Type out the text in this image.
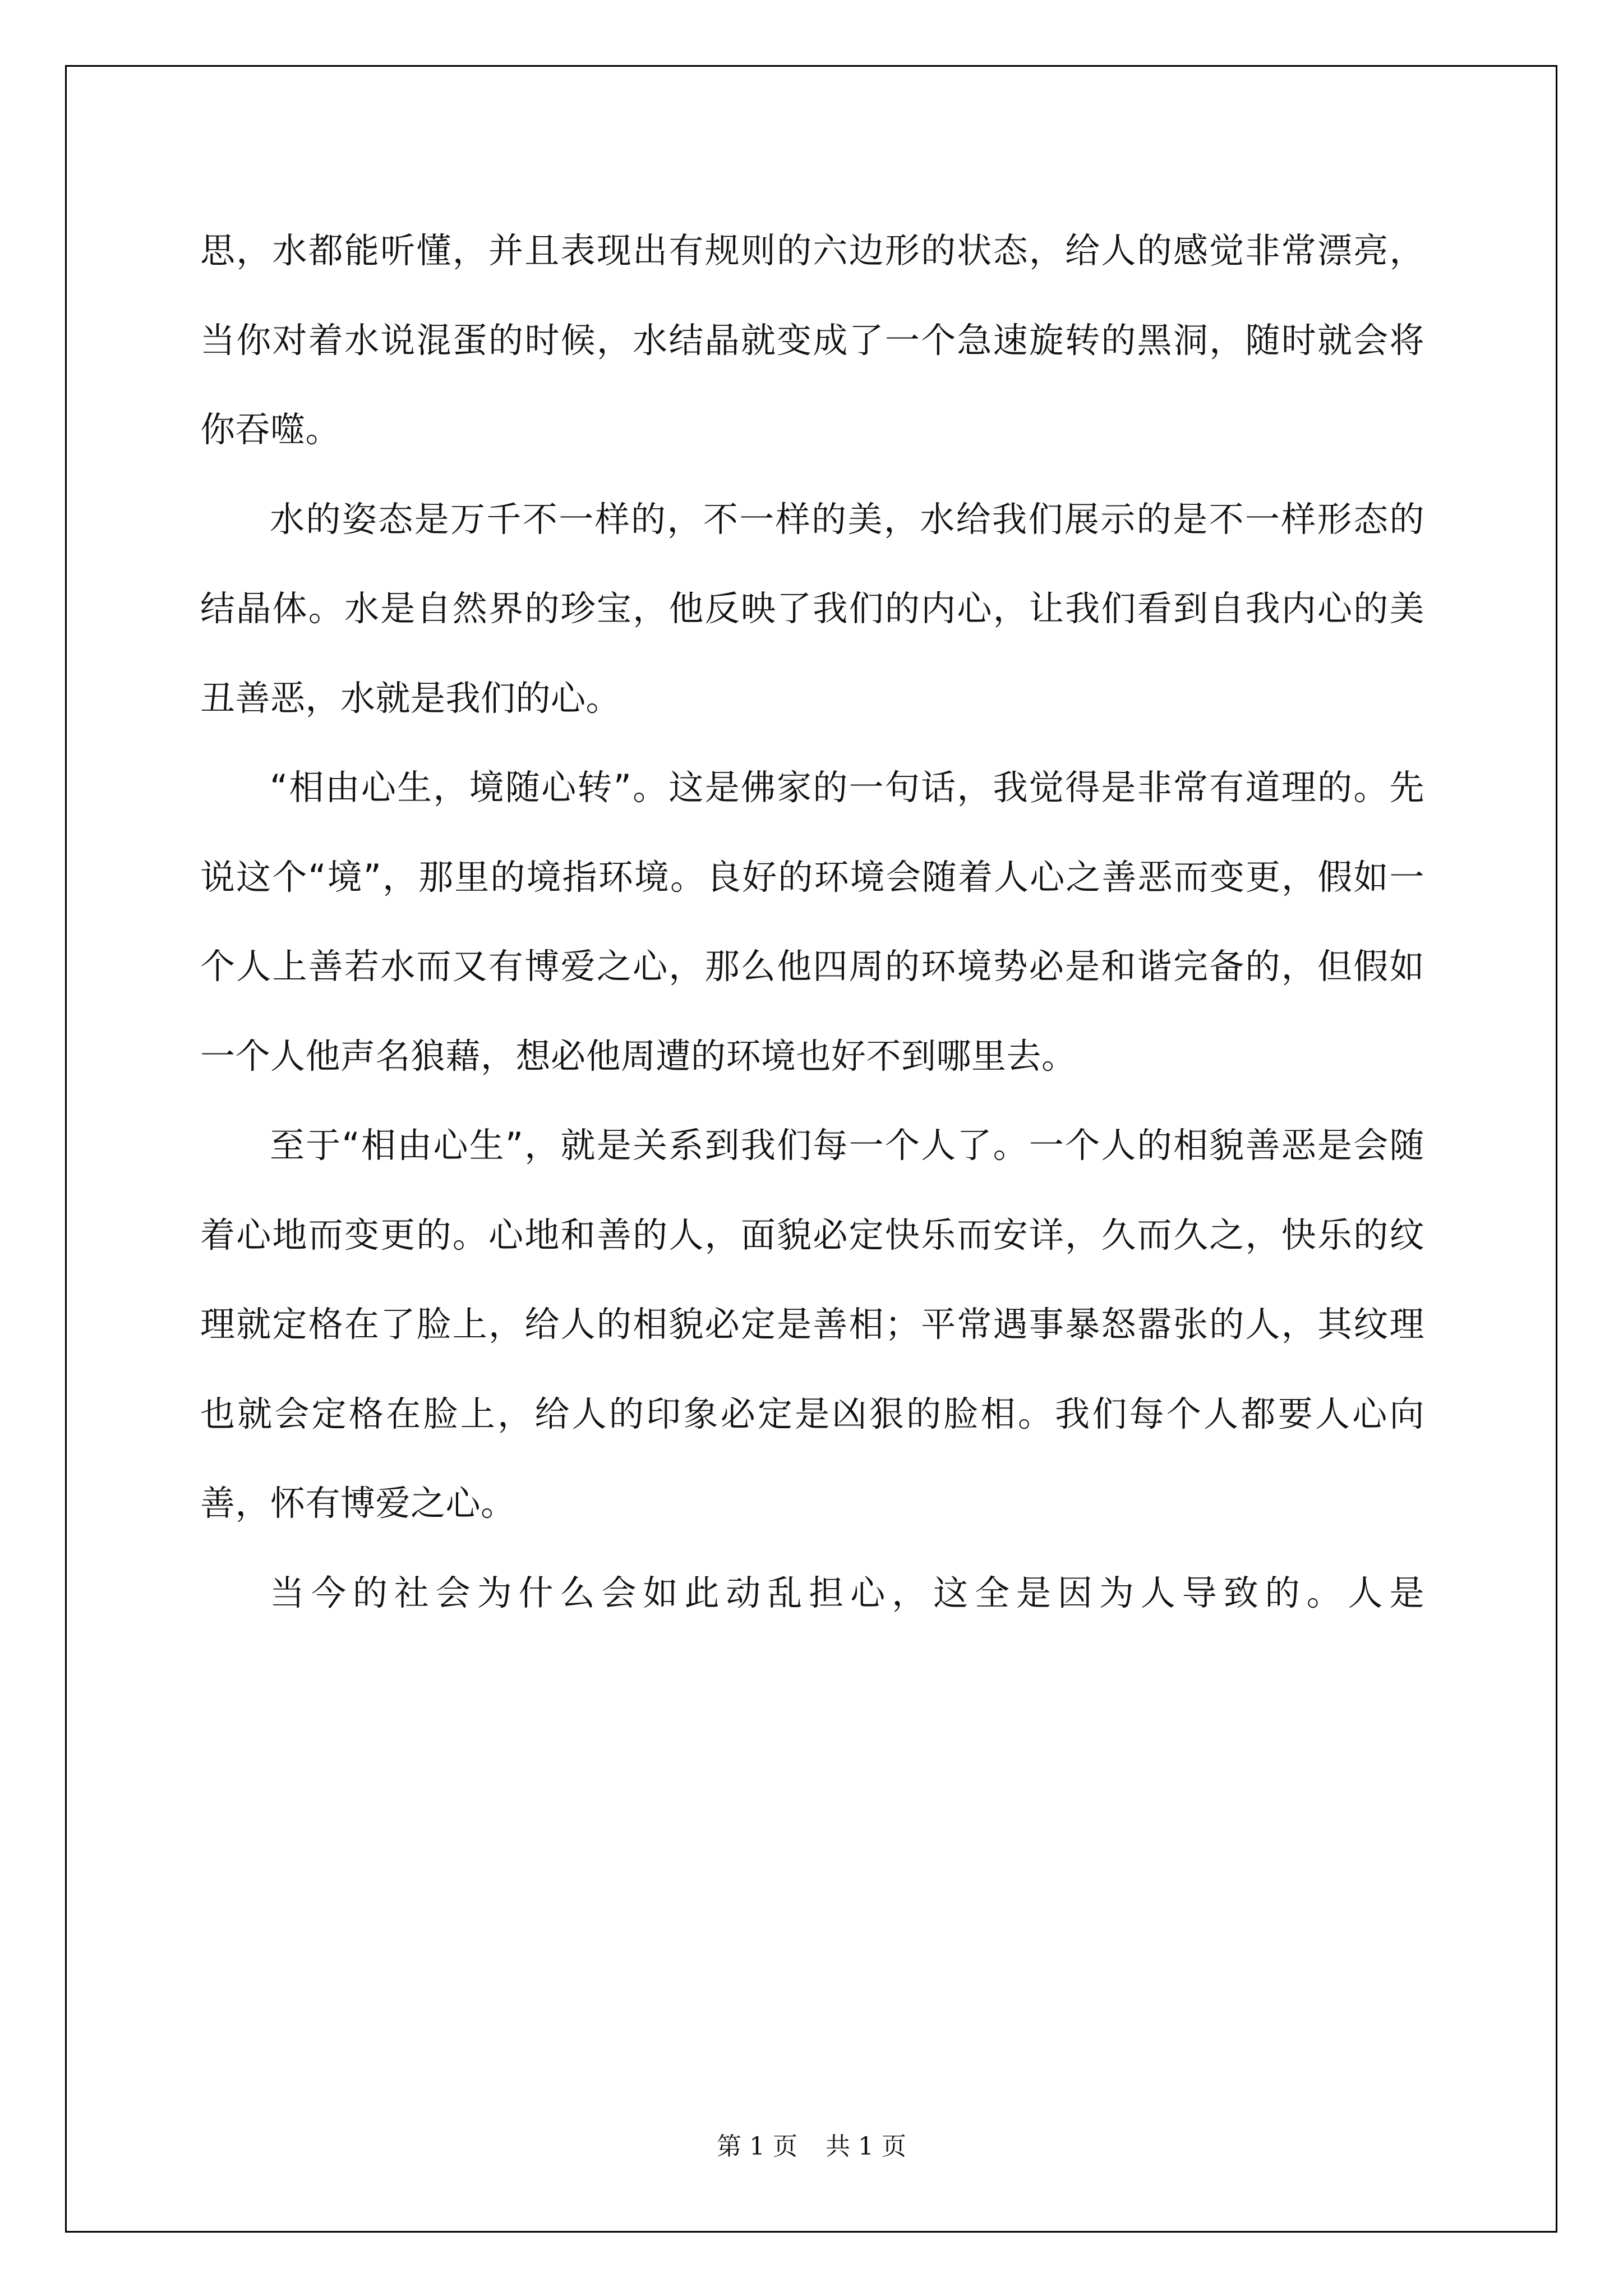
思，水都能听懂，并且表现出有规则的六边形的状态，给人的感觉非常漂亮，当你对着水说混蛋的时候，水结晶就变成了一个急速旋转的黑洞，随时就会将你吞噬。

水的姿态是万千不一样的，不一样的美，水给我们展示的是不一样形态的结晶体。水是自然界的珍宝，他反映了我们的内心，让我们看到自我内心的美丑善恶，水就是我们的心。

“相由心生，境随心转”。这是佛家的一句话，我觉得是非常有道理的。先说这个“境”，那里的境指环境。良好的环境会随着人心之善恶而变更，假如一个人上善若水而又有博爱之心，那么他四周的环境势必是和谐完备的，但假如一个人他声名狼藉，想必他周遭的环境也好不到哪里去。

至于“相由心生”，就是关系到我们每一个人了。一个人的相貌善恶是会随着心地而变更的。心地和善的人，面貌必定快乐而安详，久而久之，快乐的纹理就定格在了脸上，给人的相貌必定是善相；平常遇事暴怒嚣张的人，其纹理也就会定格在脸上，给人的印象必定是凶狠的脸相。我们每个人都要人心向善，怀有博爱之心。

当今的社会为什么会如此动乱担心，这全是因为人导致的。人是

第 1 页 共 1 页
